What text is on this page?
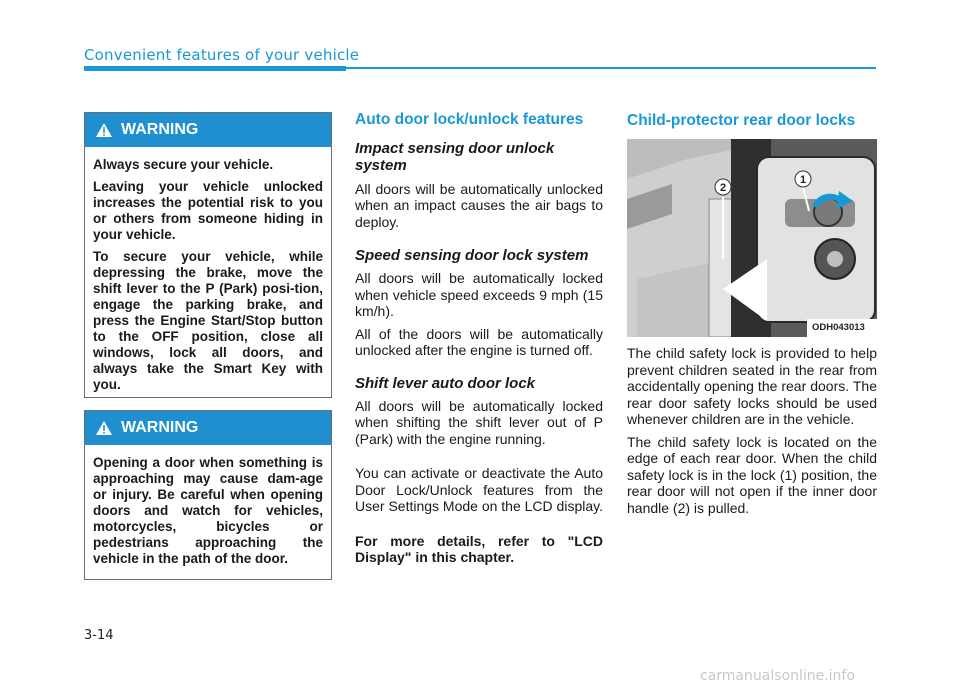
Convenient features of your vehicle
WARNING

Always secure your vehicle.

Leaving your vehicle unlocked increases the potential risk to you or others from someone hiding in your vehicle.

To secure your vehicle, while depressing the brake, move the shift lever to the P (Park) posi-tion, engage the parking brake, and press the Engine Start/Stop button to the OFF position, close all windows, lock all doors, and always take the Smart Key with you.

WARNING

Opening a door when something is approaching may cause dam-age or injury. Be careful when opening doors and watch for vehicles, motorcycles, bicycles or pedestrians approaching the vehicle in the path of the door.

Auto door lock/unlock features
Impact sensing door unlock system

All doors will be automatically unlocked when an impact causes the air bags to deploy.

Speed sensing door lock system

All doors will be automatically locked when vehicle speed exceeds 9 mph (15 km/h).

All of the doors will be automatically unlocked after the engine is turned off.

Shift lever auto door lock

All doors will be automatically locked when shifting the shift lever out of P (Park) with the engine running.

You can activate or deactivate the Auto Door Lock/Unlock features from the User Settings Mode on the LCD display.

For more details, refer to "LCD Display" in this chapter.

Child-protector rear door locks
2
1
ODH043013

The child safety lock is provided to help prevent children seated in the rear from accidentally opening the rear doors. The rear door safety locks should be used whenever children are in the vehicle.

The child safety lock is located on the edge of each rear door. When the child safety lock is in the lock (1) position, the rear door will not open if the inner door handle (2) is pulled.

3-14
carmanualsonline.info
